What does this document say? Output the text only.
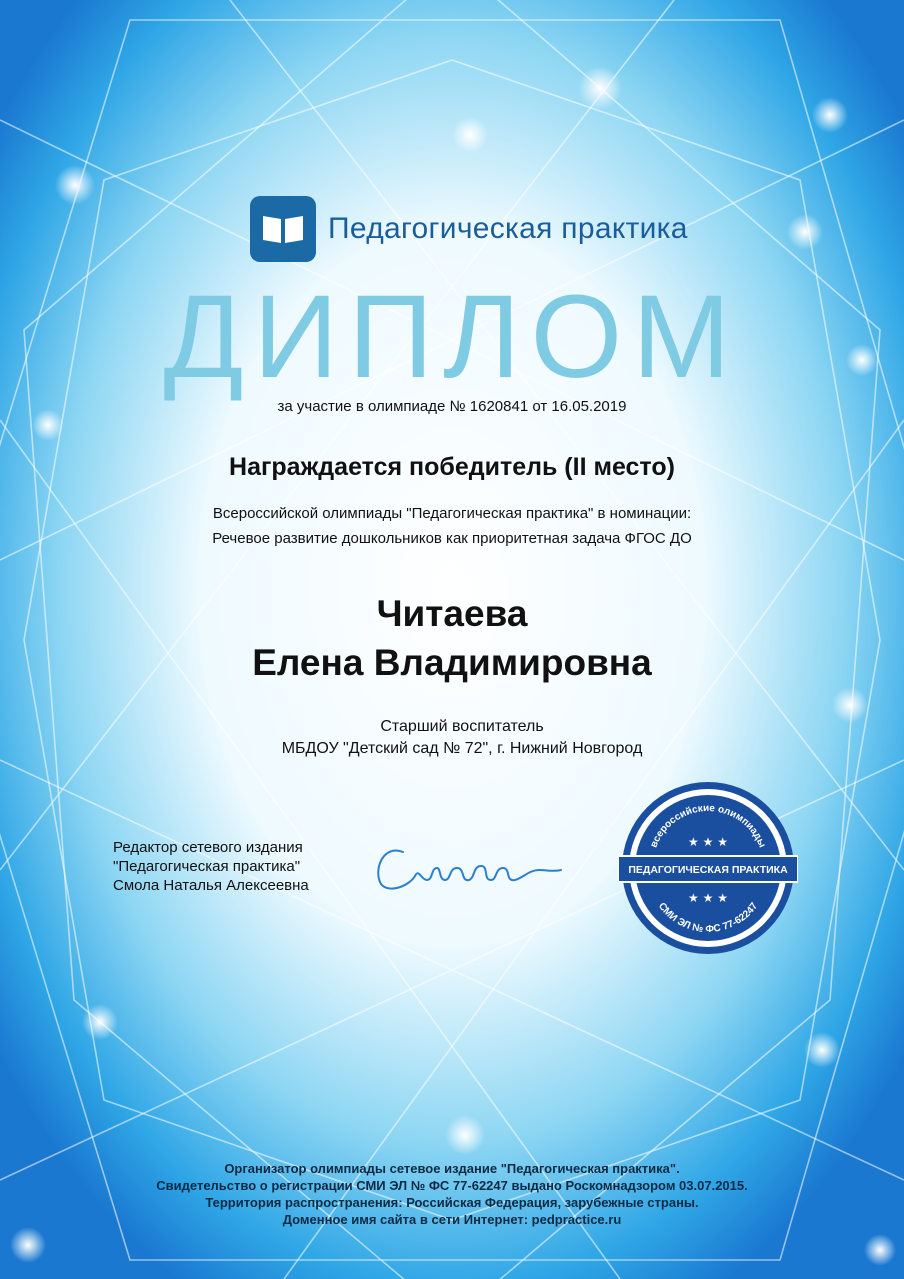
Педагогическая практика
ДИПЛОМ
за участие в олимпиаде № 1620841 от 16.05.2019
Награждается победитель (II место)
Всероссийской олимпиады "Педагогическая практика" в номинации:
Речевое развитие дошкольников как приоритетная задача ФГОС ДО
Читаева
Елена Владимировна
Старший воспитатель
МБДОУ "Детский сад № 72", г. Нижний Новгород
Редактор сетевого издания
"Педагогическая практика"
Смола Наталья Алексеевна
всероссийские олимпиады
★ ★ ★
ПЕДАГОГИЧЕСКАЯ ПРАКТИКА
★ ★ ★
СМИ ЭЛ № ФС 77-62247
Организатор олимпиады сетевое издание "Педагогическая практика".
Свидетельство о регистрации СМИ ЭЛ № ФС 77-62247 выдано Роскомнадзором 03.07.2015.
Территория распространения: Российская Федерация, зарубежные страны.
Доменное имя сайта в сети Интернет: pedpractice.ru
